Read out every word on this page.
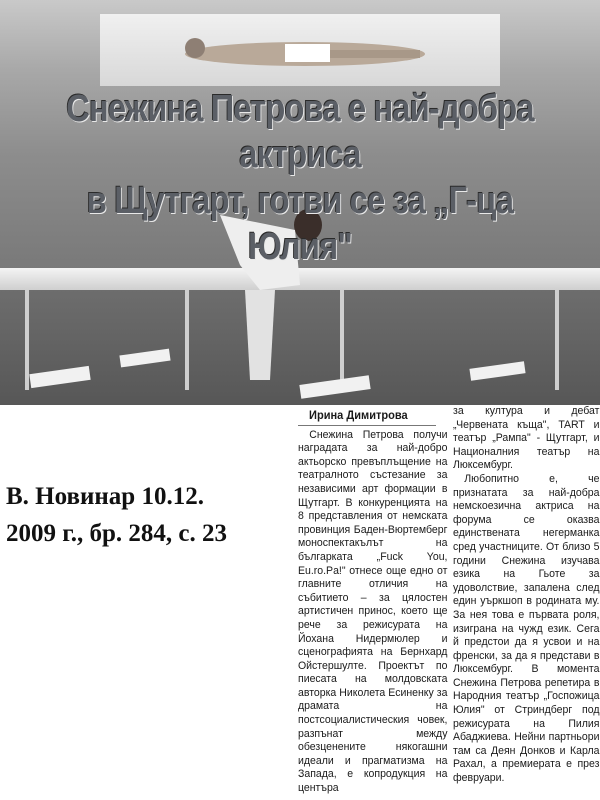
Снежина Петрова е най-добра актриса
в Щутгарт, готви се за „Г-ца Юлия"
В. Новинар 10.12.
2009 г., бр. 284, с. 23
Ирина Димитрова

Снежина Петрова получи наградата за най-добро актьорско превъплъщение на театралното състезание за независими арт формации в Щутгарт. В конкуренцията на 8 представления от немската провинция Баден-Вюртемберг моноспектакълът на българката „Fuck You, Eu.ro.Pa!" отнесе още едно от главните отличия на събитието – за цялостен артистичен принос, което ще рече за режисурата на Йохана Нидермюлер и сценографията на Бернхард Ойстершулте. Проектът по пиесата на молдовската авторка Николета Есиненку за драмата на постсоциалистическия човек, разпънат между обезценените някогашни идеали и прагматизма на Запада, е копродукция на центъра

за култура и дебат „Червената къща", TART и театър „Рампа" - Щутгарт, и Националния театър на Люксембург.

Любопитно е, че признатата за най-добра немскоезична актриса на форума се оказва единствената негерманка сред участниците. От близо 5 години Снежина изучава езика на Гьоте за удоволствие, запалена след един уъркшоп в родината му. За нея това е първата роля, изиграна на чужд език. Сега й предстои да я усвои и на френски, за да я представи в Люксембург. В момента Снежина Петрова репетира в Народния театър „Госпожица Юлия" от Стриндберг под режисурата на Пилия Абаджиева. Нейни партньори там са Деян Донков и Карла Рахал, а премиерата е през февруари.
